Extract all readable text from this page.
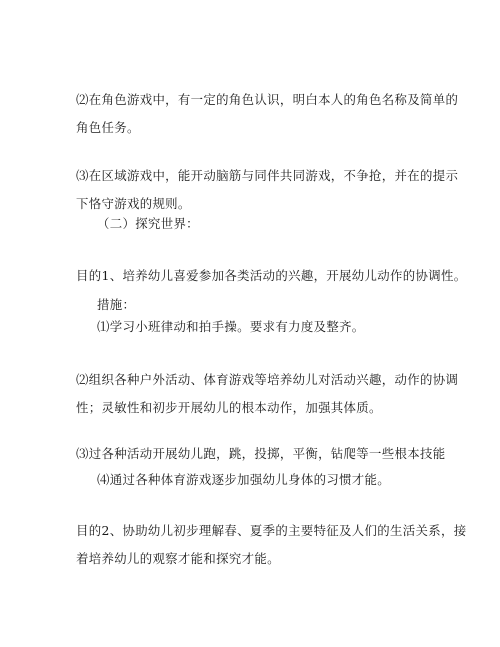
⑵在角色游戏中，有一定的角色认识，明白本人的角色名称及简单的
角色任务。

⑶在区域游戏中，能开动脑筋与同伴共同游戏，不争抢，并在的提示
下恪守游戏的规则。

（二）探究世界：

目的1、培养幼儿喜爱参加各类活动的兴趣，开展幼儿动作的协调性。

措施：

⑴学习小班律动和拍手操。要求有力度及整齐。

⑵组织各种户外活动、体育游戏等培养幼儿对活动兴趣，动作的协调
性；灵敏性和初步开展幼儿的根本动作，加强其体质。

⑶过各种活动开展幼儿跑，跳，投掷，平衡，钻爬等一些根本技能

⑷通过各种体育游戏逐步加强幼儿身体的习惯才能。

目的2、协助幼儿初步理解春、夏季的主要特征及人们的生活关系，接
着培养幼儿的观察才能和探究才能。
